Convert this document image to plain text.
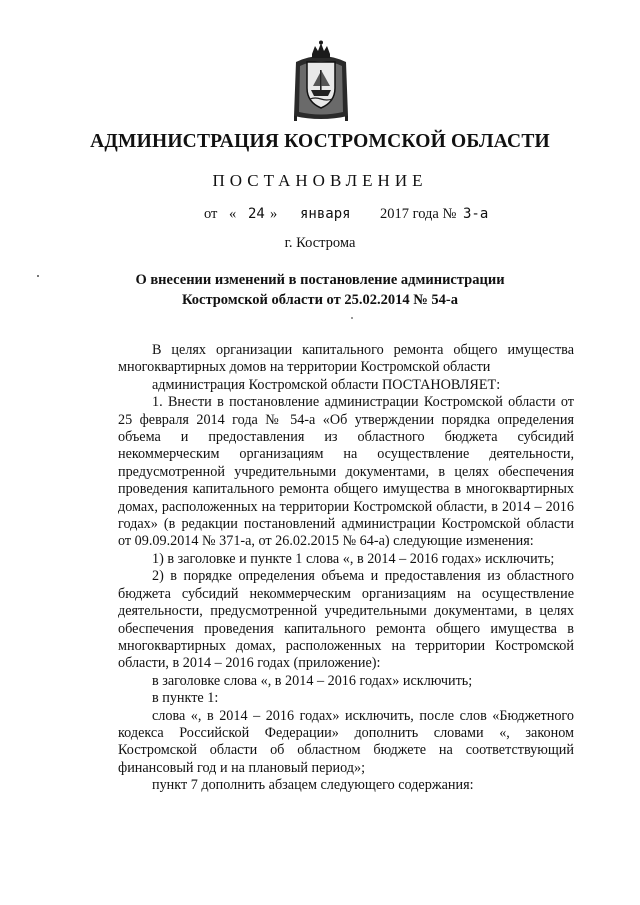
АДМИНИСТРАЦИЯ КОСТРОМСКОЙ ОБЛАСТИ
ПОСТАНОВЛЕНИЕ
от « 24 » января 2017 года № 3-а
г. Кострома
О внесении изменений в постановление администрации
Костромской области от 25.02.2014 № 54-а

В целях организации капитального ремонта общего имущества многоквартирных домов на территории Костромской области

администрация Костромской области ПОСТАНОВЛЯЕТ:

1. Внести в постановление администрации Костромской области от 25 февраля 2014 года № 54-а «Об утверждении порядка определения объема и предоставления из областного бюджета субсидий некоммерческим организациям на осуществление деятельности, предусмотренной учредительными документами, в целях обеспечения проведения капитального ремонта общего имущества в многоквартирных домах, расположенных на территории Костромской области, в 2014 – 2016 годах» (в редакции постановлений администрации Костромской области от 09.09.2014 № 371-а, от 26.02.2015 № 64-а) следующие изменения:

1) в заголовке и пункте 1 слова «, в 2014 – 2016 годах» исключить;

2) в порядке определения объема и предоставления из областного бюджета субсидий некоммерческим организациям на осуществление деятельности, предусмотренной учредительными документами, в целях обеспечения проведения капитального ремонта общего имущества в многоквартирных домах, расположенных на территории Костромской области, в 2014 – 2016 годах (приложение):

в заголовке слова «, в 2014 – 2016 годах» исключить;

в пункте 1:

слова «, в 2014 – 2016 годах» исключить, после слов «Бюджетного кодекса Российской Федерации» дополнить словами «, законом Костромской области об областном бюджете на соответствующий финансовый год и на плановый период»;

пункт 7 дополнить абзацем следующего содержания:
